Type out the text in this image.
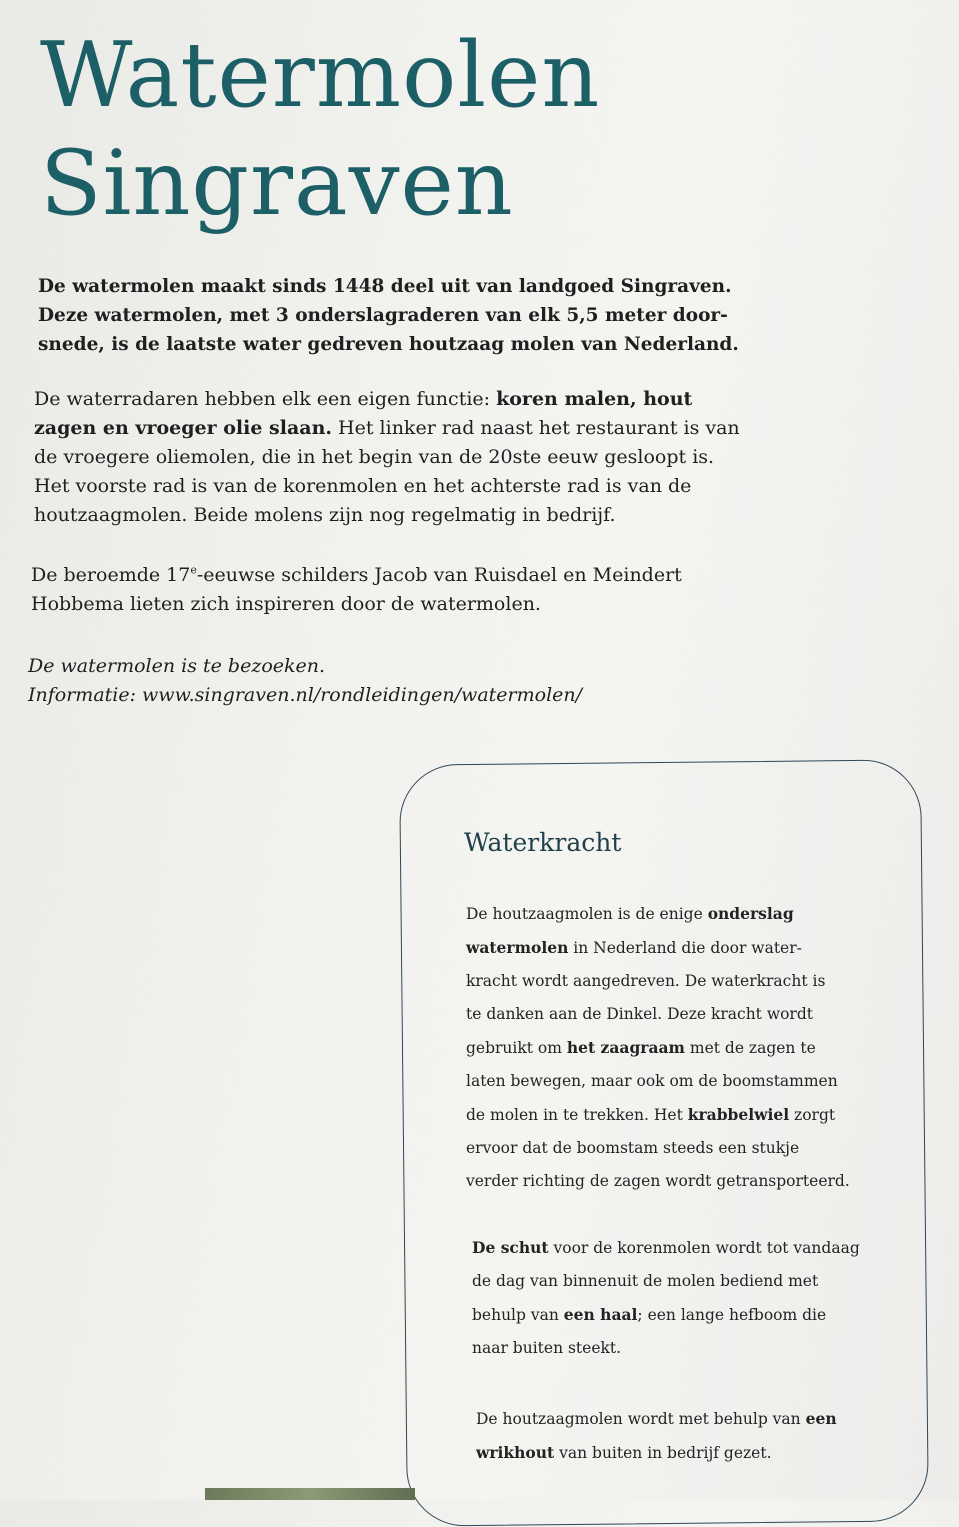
Watermolen
Singraven

De watermolen maakt sinds 1448 deel uit van landgoed Singraven.
Deze watermolen, met 3 onderslagraderen van elk 5,5 meter door-
snede, is de laatste water gedreven houtzaag molen van Nederland.

De waterradaren hebben elk een eigen functie: koren malen, hout
zagen en vroeger olie slaan. Het linker rad naast het restaurant is van
de vroegere oliemolen, die in het begin van de 20ste eeuw gesloopt is.
Het voorste rad is van de korenmolen en het achterste rad is van de
houtzaagmolen. Beide molens zijn nog regelmatig in bedrijf.

De beroemde 17e-eeuwse schilders Jacob van Ruisdael en Meindert
Hobbema lieten zich inspireren door de watermolen.

De watermolen is te bezoeken.
Informatie: www.singraven.nl/rondleidingen/watermolen/

Waterkracht

De houtzaagmolen is de enige onderslag
watermolen in Nederland die door water-
kracht wordt aangedreven. De waterkracht is
te danken aan de Dinkel. Deze kracht wordt
gebruikt om het zaagraam met de zagen te
laten bewegen, maar ook om de boomstammen
de molen in te trekken. Het krabbelwiel zorgt
ervoor dat de boomstam steeds een stukje
verder richting de zagen wordt getransporteerd.

De schut voor de korenmolen wordt tot vandaag
de dag van binnenuit de molen bediend met
behulp van een haal; een lange hefboom die
naar buiten steekt.

De houtzaagmolen wordt met behulp van een
wrikhout van buiten in bedrijf gezet.
